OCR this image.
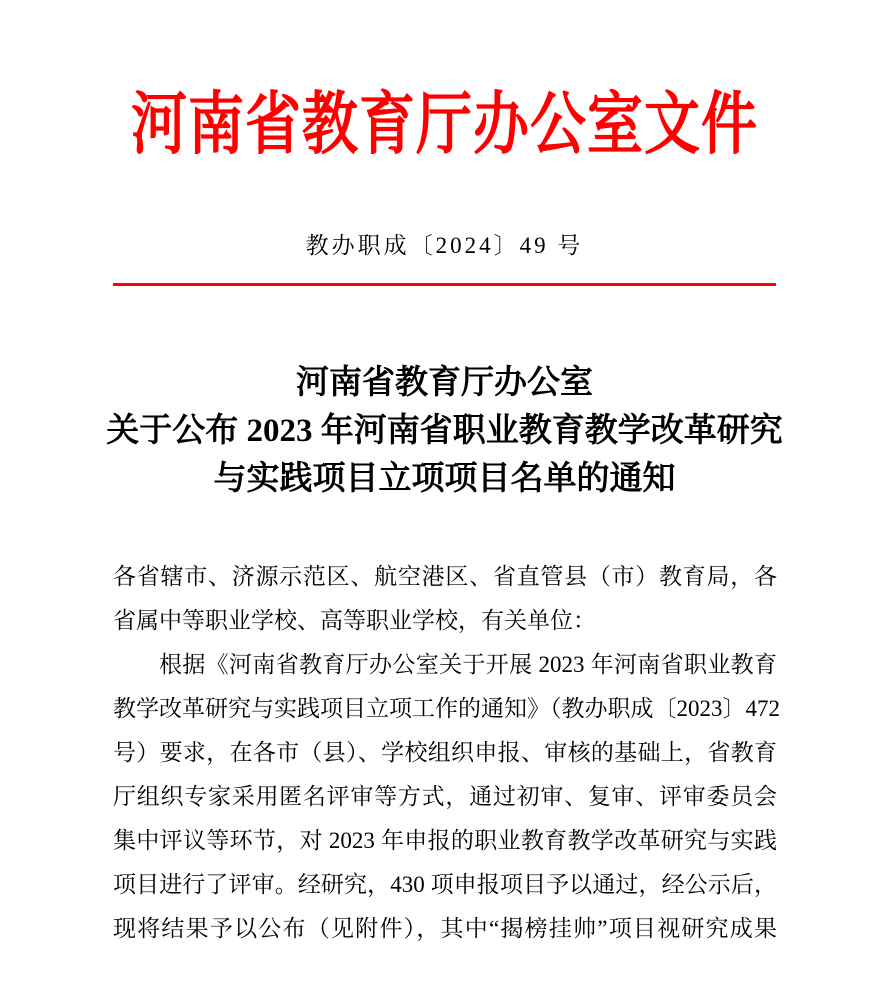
河南省教育厅办公室文件
教办职成〔2024〕49 号
河南省教育厅办公室
关于公布 2023 年河南省职业教育教学改革研究
与实践项目立项项目名单的通知
各省辖市、济源示范区、航空港区、省直管县（市）教育局，各
省属中等职业学校、高等职业学校，有关单位：
根据《河南省教育厅办公室关于开展 2023 年河南省职业教育
教学改革研究与实践项目立项工作的通知》（教办职成〔2023〕472
号）要求，在各市（县）、学校组织申报、审核的基础上，省教育
厅组织专家采用匿名评审等方式，通过初审、复审、评审委员会
集中评议等环节，对 2023 年申报的职业教育教学改革研究与实践
项目进行了评审。经研究，430 项申报项目予以通过，经公示后，
现将结果予以公布（见附件），其中“揭榜挂帅”项目视研究成果
